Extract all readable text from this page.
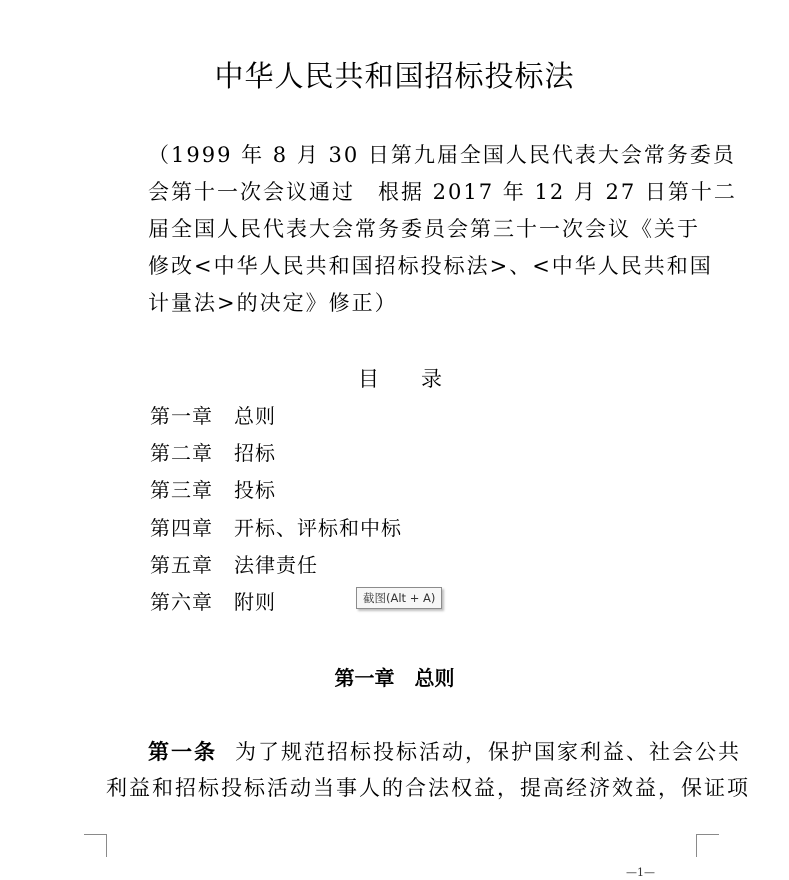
中华人民共和国招标投标法
（1999 年 8 月 30 日第九届全国人民代表大会常务委员
会第十一次会议通过　根据 2017 年 12 月 27 日第十二
届全国人民代表大会常务委员会第三十一次会议《关于
修改<中华人民共和国招标投标法>、<中华人民共和国
计量法>的决定》修正）
目　　录
第一章 总则
第二章 招标
第三章 投标
第四章 开标、评标和中标
第五章 法律责任
第六章 附则	截图(Alt + A)
第一章　总则
第一条 为了规范招标投标活动，保护国家利益、社会公共
利益和招标投标活动当事人的合法权益，提高经济效益，保证项
—1—
